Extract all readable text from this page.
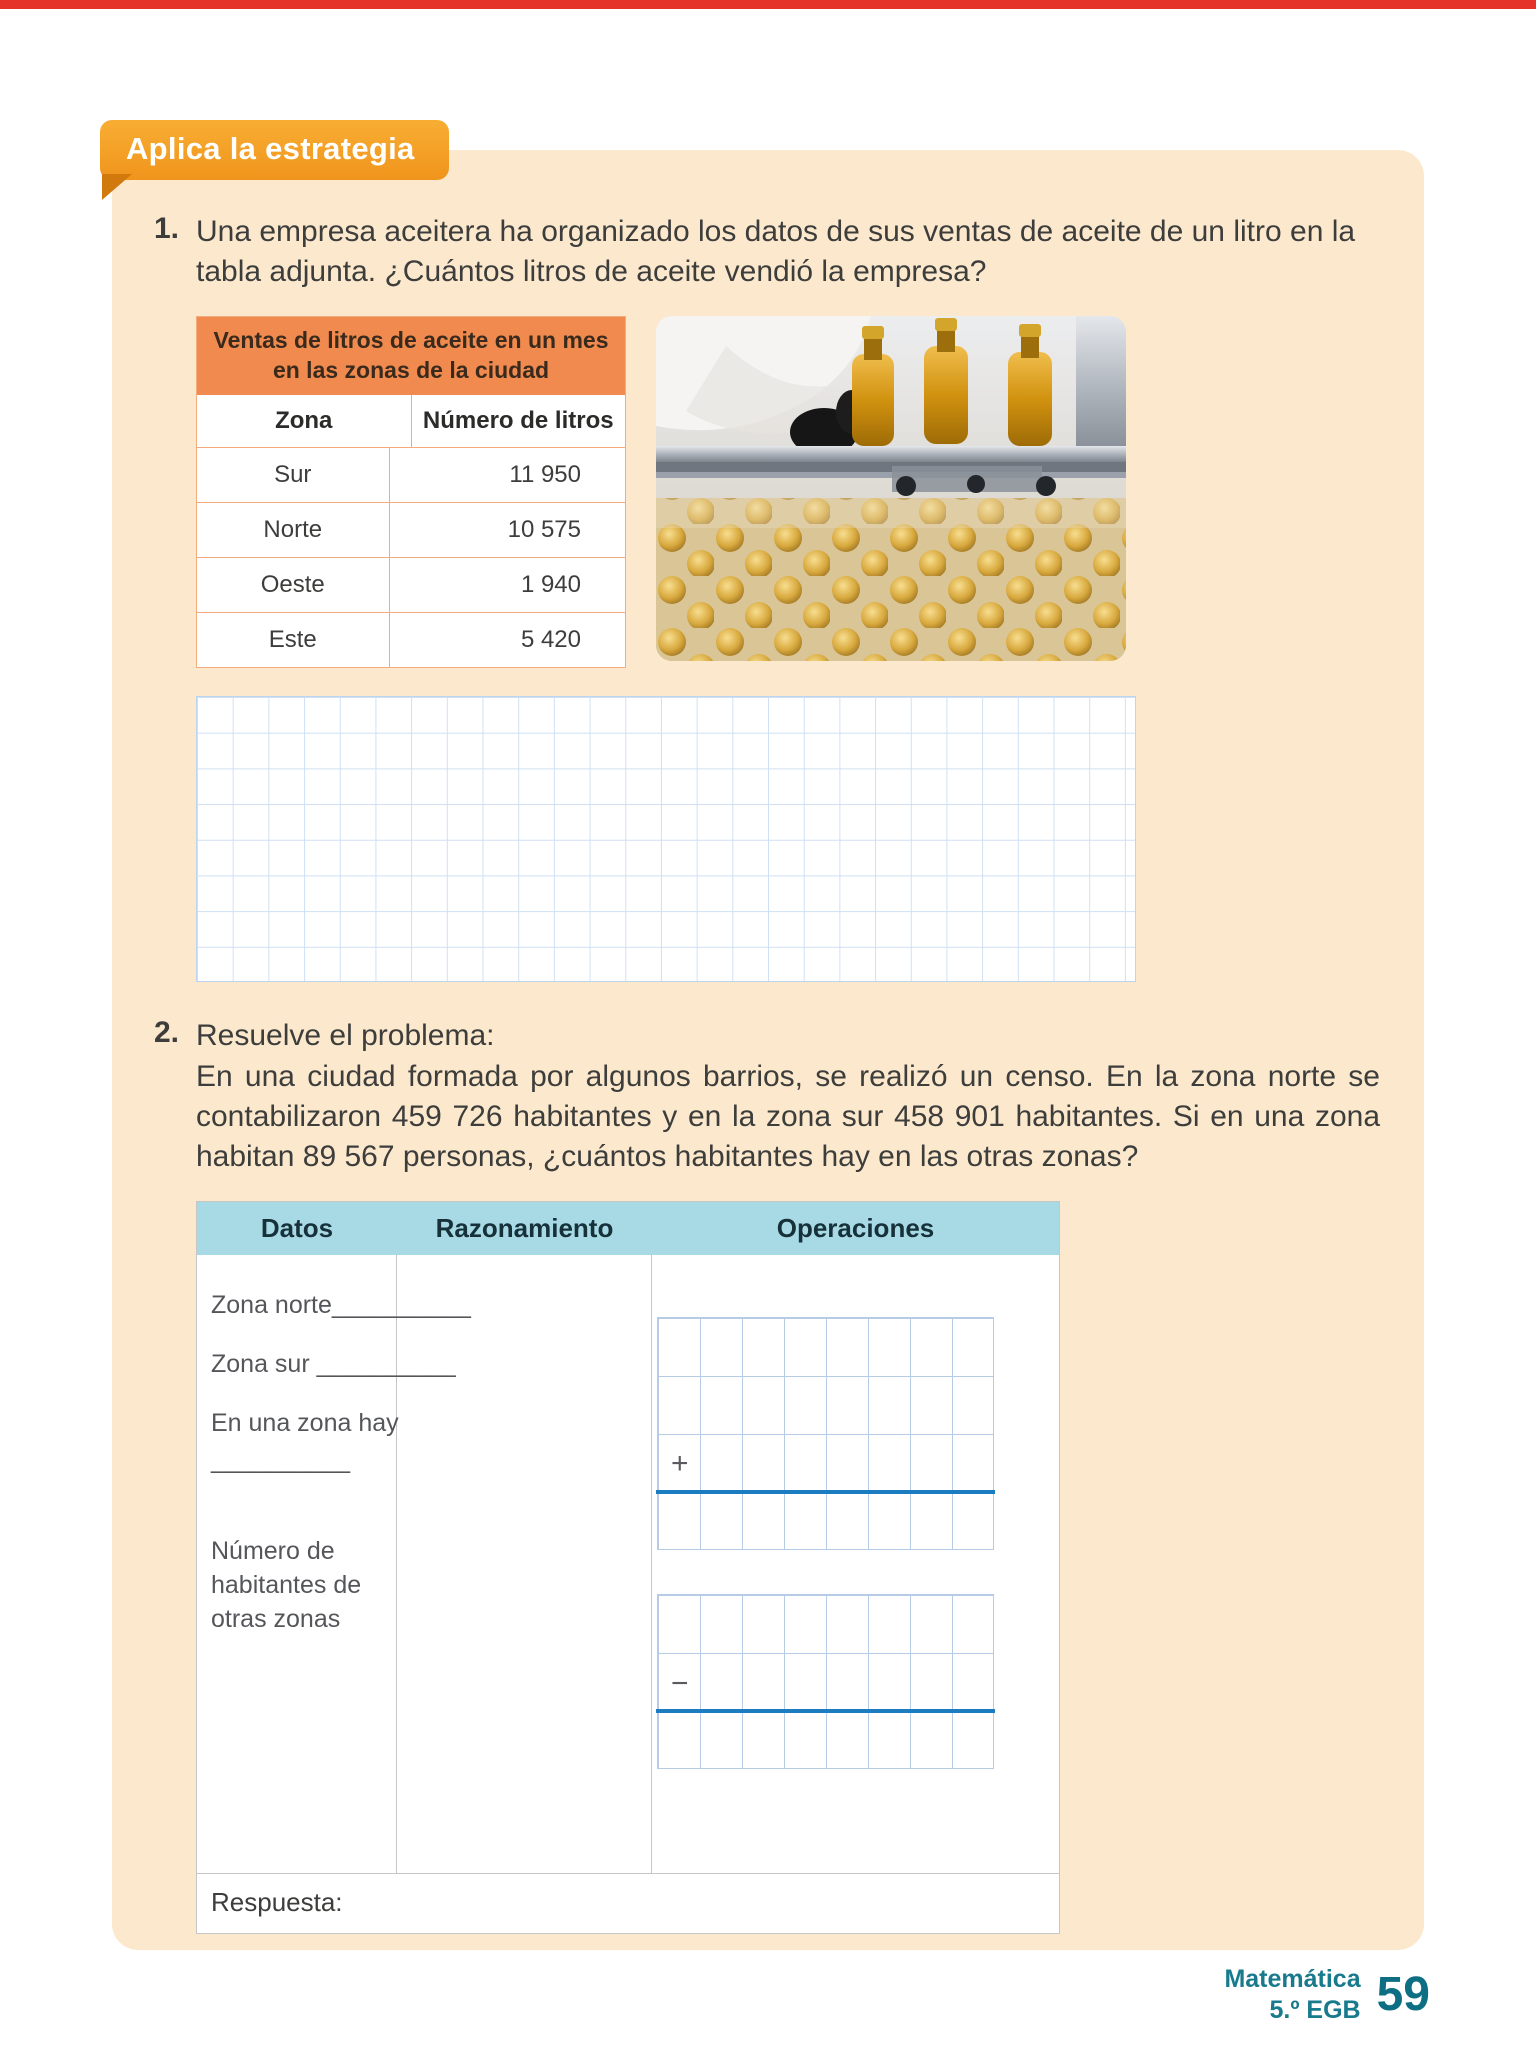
Aplica la estrategia
1. Una empresa aceitera ha organizado los datos de sus ventas de aceite de un litro en la tabla adjunta. ¿Cuántos litros de aceite vendió la empresa?
Ventas de litros de aceite en un mes en las zonas de la ciudad
Zona	Número de litros
Sur	11 950
Norte	10 575
Oeste	1 940
Este	5 420
2. Resuelve el problema:
En una ciudad formada por algunos barrios, se realizó un censo. En la zona norte se contabilizaron 459 726 habitantes y en la zona sur 458 901 habitantes. Si en una zona habitan 89 567 personas, ¿cuántos habitantes hay en las otras zonas?
Datos	Razonamiento	Operaciones
Zona norte__________
Zona sur __________
En una zona hay
__________
Número de habitantes de otras zonas
+
−
Respuesta:
Matemática
5.º EGB 59
